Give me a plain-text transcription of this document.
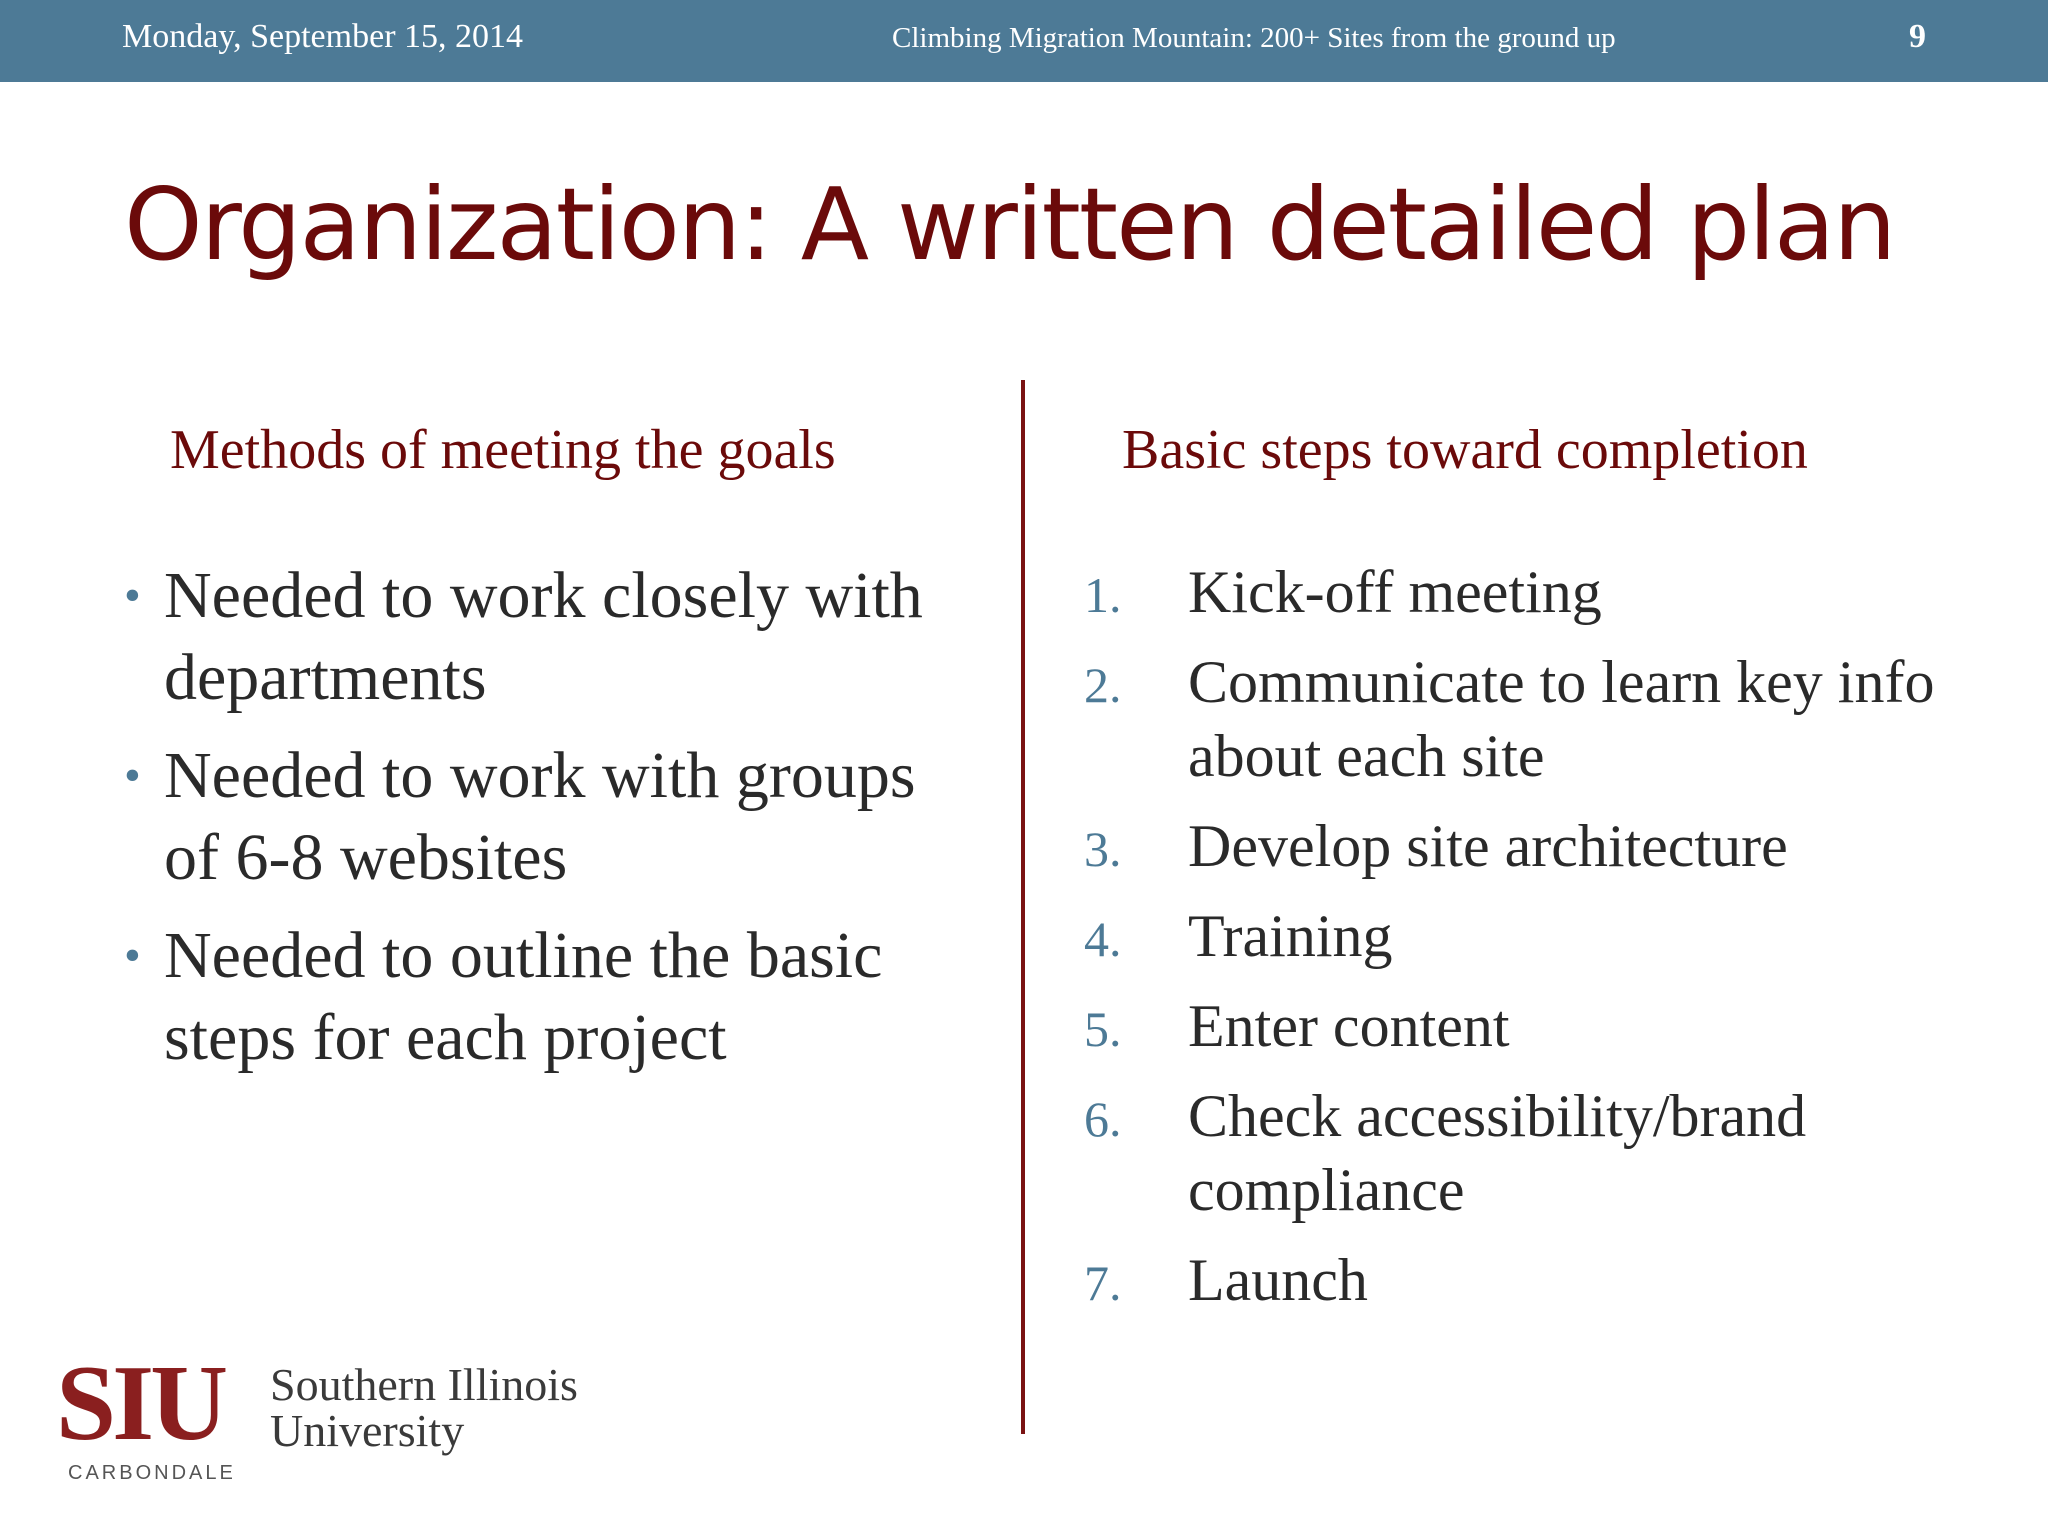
Monday, September 15, 2014	Climbing Migration Mountain: 200+ Sites from the ground up	9
Organization: A written detailed plan
Methods of meeting the goals	Basic steps toward completion
• Needed to work closely with departments
• Needed to work with groups of 6-8 websites
• Needed to outline the basic steps for each project
1. Kick-off meeting
2. Communicate to learn key info about each site
3. Develop site architecture
4. Training
5. Enter content
6. Check accessibility/brand compliance
7. Launch
SIU
CARBONDALE
Southern Illinois
University
